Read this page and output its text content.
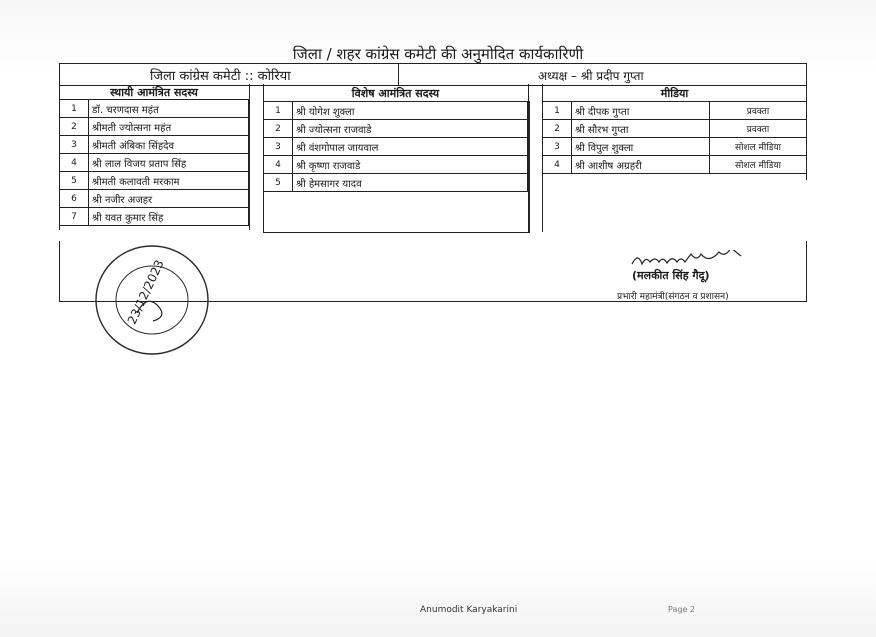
जिला / शहर कांग्रेस कमेटी की अनुमोदित कार्यकारिणी
जिला कांग्रेस कमेटी :: कोरिया	अध्यक्ष – श्री प्रदीप गुप्ता
स्थायी आमंत्रित सदस्य	विशेष आमंत्रित सदस्य	मीडिया
1	डॉ. चरणदास महंत
2	श्रीमती ज्योत्सना महंत
3	श्रीमती अंबिका सिंहदेव
4	श्री लाल विजय प्रताप सिंह
5	श्रीमती कलावती मरकाम
6	श्री नजीर अजहर
7	श्री यवत कुमार सिंह
1	श्री योगेश शुक्ला
2	श्री ज्योत्सना राजवाडे
3	श्री वंशगोपाल जायवाल
4	श्री कृष्णा राजवाडे
5	श्री हेमसागर यादव
1	श्री दीपक गुप्ता	प्रवक्ता
2	श्री सौरभ गुप्ता	प्रवक्ता
3	श्री विपुल शुक्ला	सोशल मीडिया
4	श्री आशीष अग्रहरी	सोशल मीडिया
23/12/2023	(मलकीत सिंह गैदू)
प्रभारी महामंत्री(संगठन व प्रशासन)
Anumodit Karyakarini	Page 2
